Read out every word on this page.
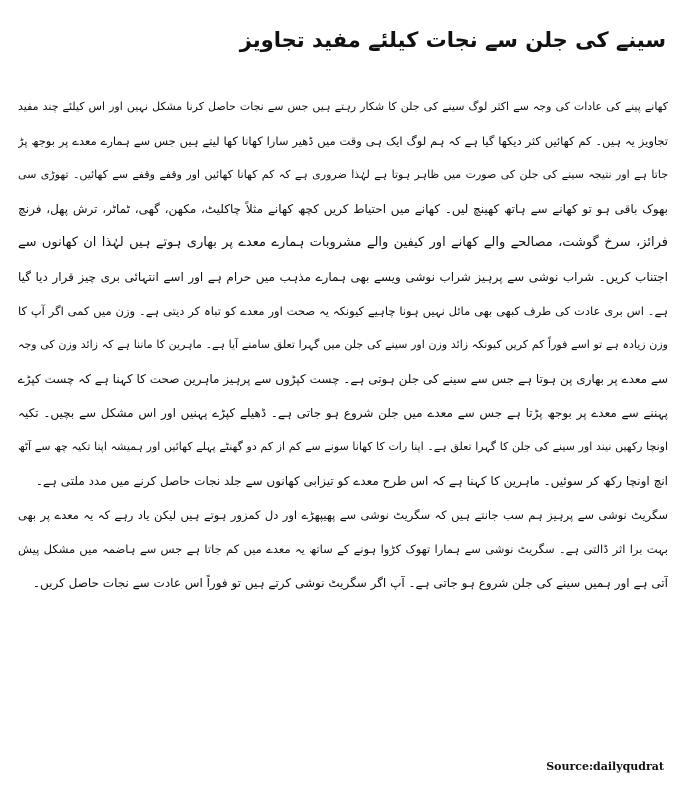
سینے کی جلن سے نجات کیلئے مفید تجاویز
کھانے پینے کی عادات کی وجہ سے اکثر لوگ سینے کی جلن کا شکار رہتے ہیں جس سے نجات حاصل کرنا مشکل نہیں اور اس کیلئے چند مفید
تجاویز یہ ہیں۔ کم کھائیں کثر دیکھا گیا ہے کہ ہم لوگ ایک ہی وقت میں ڈھیر سارا کھانا کھا لیتے ہیں جس سے ہمارے معدے پر بوجھ پڑ
جاتا ہے اور نتیجہ سینے کی جلن کی صورت میں ظاہر ہوتا ہے لہٰذا ضروری ہے کہ کم کھانا کھائیں اور وقفے وقفے سے کھائیں۔ تھوڑی سی
بھوک باقی ہو تو کھانے سے ہاتھ کھینچ لیں۔ کھانے میں احتیاط کریں کچھ کھانے مثلاً چاکلیٹ، مکھن، گھی، ٹماٹر، ترش پھل، فرنچ
فرائز، سرخ گوشت، مصالحے والے کھانے اور کیفین والے مشروبات ہمارے معدے پر بھاری ہوتے ہیں لہٰذا ان کھانوں سے
اجتناب کریں۔ شراب نوشی سے پرہیز شراب نوشی ویسے بھی ہمارے مذہب میں حرام ہے اور اسے انتہائی بری چیز قرار دیا گیا
ہے۔ اس بری عادت کی طرف کبھی بھی مائل نہیں ہونا چاہیے کیونکہ یہ صحت اور معدے کو تباہ کر دیتی ہے۔ وزن میں کمی اگر آپ کا
وزن زیادہ ہے تو اسے فوراً کم کریں کیونکہ زائد وزن اور سینے کی جلن میں گہرا تعلق سامنے آیا ہے۔ ماہرین کا ماننا ہے کہ زائد وزن کی وجہ
سے معدے پر بھاری پن ہوتا ہے جس سے سینے کی جلن ہوتی ہے۔ چست کپڑوں سے پرہیز ماہرین صحت کا کہنا ہے کہ چست کپڑے
پہننے سے معدے پر بوجھ پڑتا ہے جس سے معدے میں جلن شروع ہو جاتی ہے۔ ڈھیلے کپڑے پہنیں اور اس مشکل سے بچیں۔ تکیہ
اونچا رکھیں نیند اور سینے کی جلن کا گہرا تعلق ہے۔ اپنا رات کا کھانا سونے سے کم از کم دو گھنٹے پہلے کھائیں اور ہمیشہ اپنا تکیہ چھ سے آٹھ
انچ اونچا رکھ کر سوئیں۔ ماہرین کا کہنا ہے کہ اس طرح معدے کو تیزابی کھانوں سے جلد نجات حاصل کرنے میں مدد ملتی ہے۔
سگریٹ نوشی سے پرہیز ہم سب جانتے ہیں کہ سگریٹ نوشی سے پھیپھڑے اور دل کمزور ہوتے ہیں لیکن یاد رہے کہ یہ معدے پر بھی
بہت برا اثر ڈالتی ہے۔ سگریٹ نوشی سے ہمارا تھوک کڑوا ہونے کے ساتھ یہ معدے میں کم جاتا ہے جس سے ہاضمہ میں مشکل پیش
آتی ہے اور ہمیں سینے کی جلن شروع ہو جاتی ہے۔ آپ اگر سگریٹ نوشی کرتے ہیں تو فوراً اس عادت سے نجات حاصل کریں۔
Source:dailyqudrat
